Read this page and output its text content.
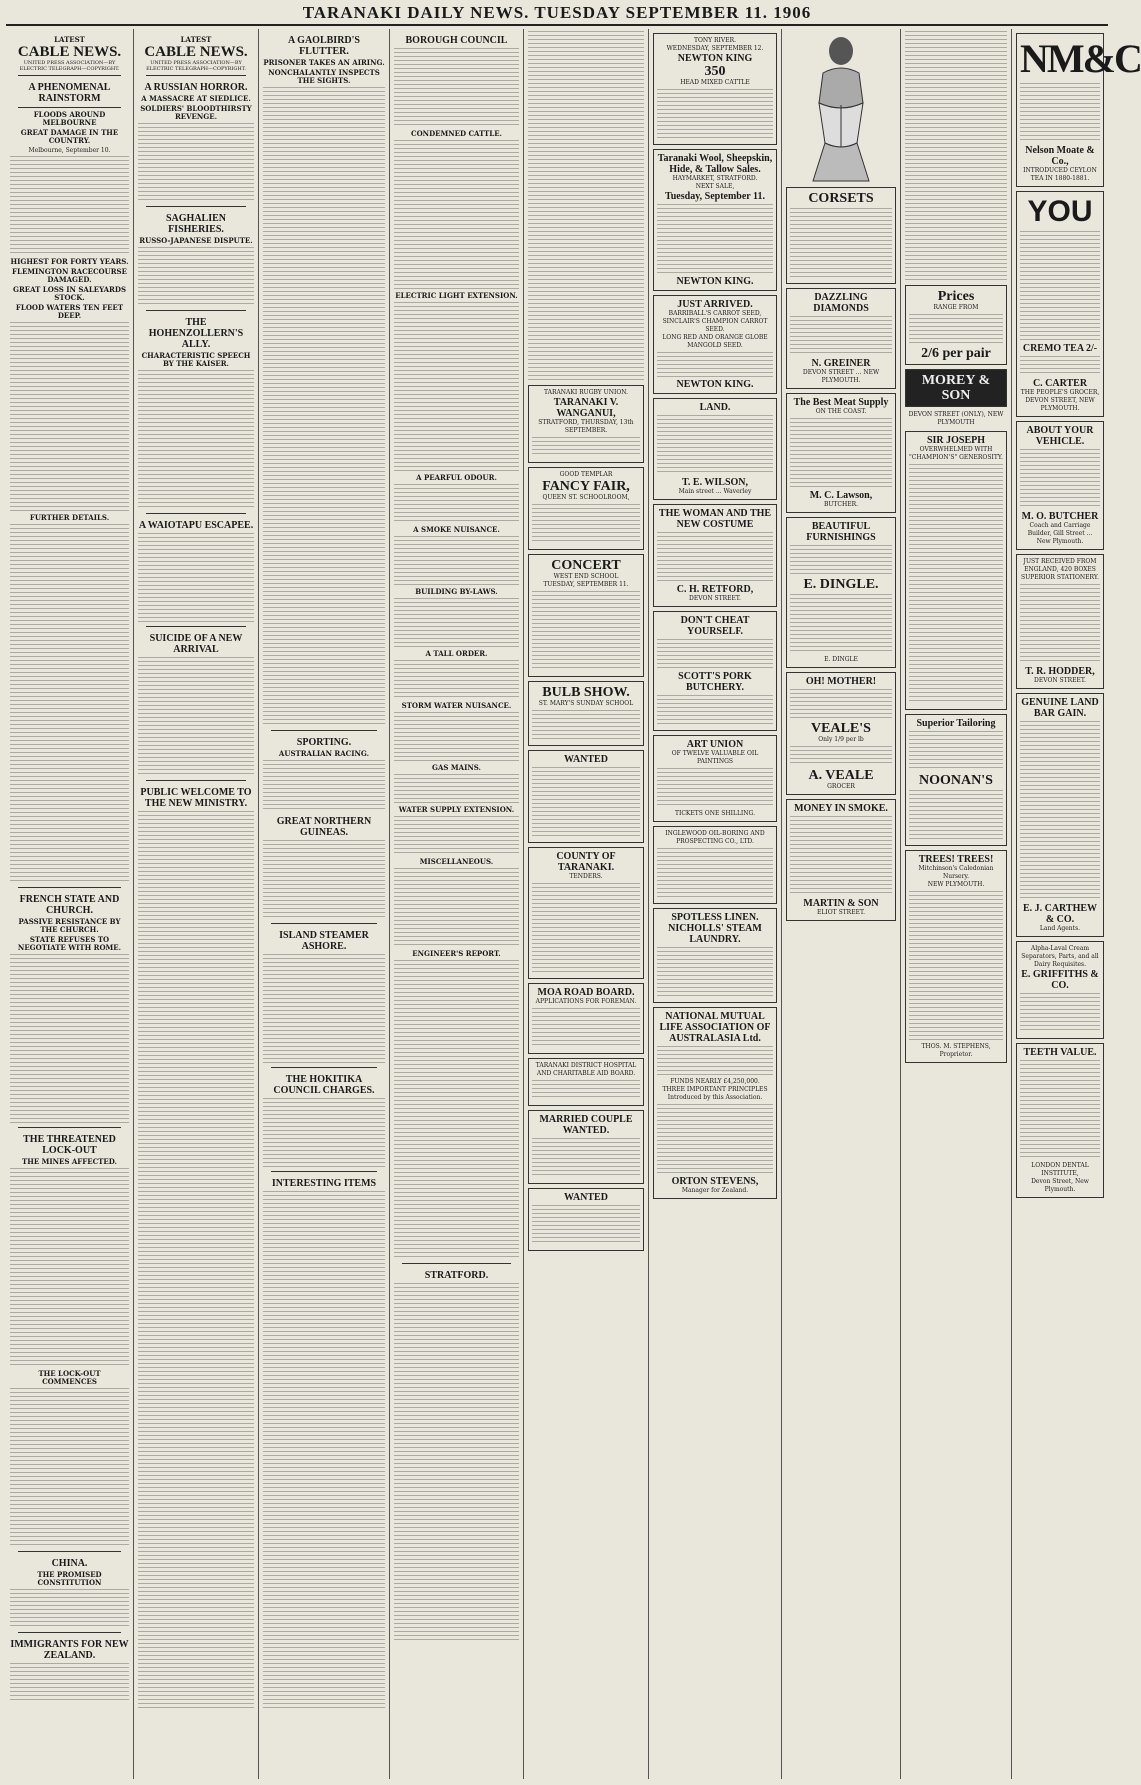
TARANAKI DAILY NEWS. TUESDAY SEPTEMBER 11. 1906
LATEST
CABLE NEWS.
UNITED PRESS ASSOCIATION—BY ELECTRIC TELEGRAPH—COPYRIGHT.
A PHENOMENAL RAINSTORM
FLOODS AROUND MELBOURNE
GREAT DAMAGE IN THE COUNTRY.
Melbourne, September 10.
HIGHEST FOR FORTY YEARS.
FLEMINGTON RACECOURSE DAMAGED.
GREAT LOSS IN SALEYARDS STOCK.
FLOOD WATERS TEN FEET DEEP.
FURTHER DETAILS.
FRENCH STATE AND CHURCH.
PASSIVE RESISTANCE BY THE CHURCH.
STATE REFUSES TO NEGOTIATE WITH ROME.
THE THREATENED LOCK-OUT
THE MINES AFFECTED.
THE LOCK-OUT COMMENCES
CHINA.
THE PROMISED CONSTITUTION
IMMIGRANTS FOR NEW ZEALAND.
LATEST
CABLE NEWS.
UNITED PRESS ASSOCIATION—BY ELECTRIC TELEGRAPH—COPYRIGHT.
A RUSSIAN HORROR.
A MASSACRE AT SIEDLICE.
SOLDIERS' BLOODTHIRSTY REVENGE.
SAGHALIEN FISHERIES.
RUSSO-JAPANESE DISPUTE.
THE HOHENZOLLERN'S ALLY.
CHARACTERISTIC SPEECH BY THE KAISER.
A WAIOTAPU ESCAPEE.
SUICIDE OF A NEW ARRIVAL
PUBLIC WELCOME TO THE NEW MINISTRY.
A GAOLBIRD'S FLUTTER.
PRISONER TAKES AN AIRING.
NONCHALANTLY INSPECTS THE SIGHTS.
SPORTING.
AUSTRALIAN RACING.
GREAT NORTHERN GUINEAS.
ISLAND STEAMER ASHORE.
THE HOKITIKA COUNCIL CHARGES.
INTERESTING ITEMS
BOROUGH COUNCIL
CONDEMNED CATTLE.
ELECTRIC LIGHT EXTENSION.
A PEARFUL ODOUR.
A SMOKE NUISANCE.
BUILDING BY-LAWS.
A TALL ORDER.
STORM WATER NUISANCE.
GAS MAINS.
WATER SUPPLY EXTENSION.
MISCELLANEOUS.
ENGINEER'S REPORT.
STRATFORD.
TARANAKI RUGBY UNION.
TARANAKI V. WANGANUI,
STRATFORD, THURSDAY, 13th SEPTEMBER.
GOOD TEMPLAR
FANCY FAIR,
QUEEN ST. SCHOOLROOM,
CONCERT
WEST END SCHOOL
TUESDAY, SEPTEMBER 11.
BULB SHOW.
ST. MARY'S SUNDAY SCHOOL
WANTED
COUNTY OF TARANAKI.
TENDERS.
MOA ROAD BOARD.
APPLICATIONS FOR FOREMAN.
TARANAKI DISTRICT HOSPITAL AND CHARITABLE AID BOARD.
MARRIED COUPLE WANTED.
WANTED
TONY RIVER.
WEDNESDAY, SEPTEMBER 12.
NEWTON KING
350
HEAD MIXED CATTLE
Taranaki Wool, Sheepskin, Hide, & Tallow Sales.
HAYMARKET, STRATFORD.
NEXT SALE,
Tuesday, September 11.
NEWTON KING.
JUST ARRIVED.
BARRIBALL'S CARROT SEED,
SINCLAIR'S CHAMPION CARROT SEED.
LONG RED AND ORANGE GLOBE MANGOLD SEED.
NEWTON KING.
LAND.
T. E. WILSON,
Main street ... Waverley
THE WOMAN AND THE NEW COSTUME
C. H. RETFORD,
DEVON STREET.
DON'T CHEAT YOURSELF.
SCOTT'S PORK BUTCHERY.
ART UNION
OF TWELVE VALUABLE OIL PAINTINGS
TICKETS ONE SHILLING.
INGLEWOOD OIL-BORING AND PROSPECTING CO., LTD.
SPOTLESS LINEN.
NICHOLLS' STEAM LAUNDRY.
NATIONAL MUTUAL LIFE ASSOCIATION OF AUSTRALASIA Ltd.
FUNDS NEARLY £4,250,000.
THREE IMPORTANT PRINCIPLES
Introduced by this Association.
ORTON STEVENS,
Manager for Zealand.
CORSETS
DAZZLING DIAMONDS
N. GREINER
DEVON STREET ... NEW PLYMOUTH.
The Best Meat Supply
ON THE COAST.
M. C. Lawson,
BUTCHER.
BEAUTIFUL FURNISHINGS
E. DINGLE.
E. DINGLE
OH! MOTHER!
VEALE'S
Only 1/9 per lb
A. VEALE
GROCER
MONEY IN SMOKE.
MARTIN & SON
ELIOT STREET.
Prices
RANGE FROM
2/6 per pair
MOREY & SON
DEVON STREET (ONLY), NEW PLYMOUTH
SIR JOSEPH
OVERWHELMED WITH "CHAMPION'S" GENEROSITY.
Superior Tailoring
NOONAN'S
TREES! TREES!
Mitchinson's Caledonian Nursery.
NEW PLYMOUTH.
THOS. M. STEPHENS,
Proprietor.
NM&C
Nelson Moate & Co.,
INTRODUCED CEYLON TEA IN 1880-1881.
YOU
CREMO TEA 2/-
C. CARTER
THE PEOPLE'S GROCER, DEVON STREET, NEW PLYMOUTH.
ABOUT YOUR VEHICLE.
M. O. BUTCHER
Coach and Carriage Builder, Gill Street ... New Plymouth.
JUST RECEIVED FROM ENGLAND, 420 BOXES SUPERIOR STATIONERY.
T. R. HODDER,
DEVON STREET.
GENUINE LAND BAR GAIN.
E. J. CARTHEW & CO.
Land Agents.
Alpha-Laval Cream Separators, Parts, and all Dairy Requisites.
E. GRIFFITHS & CO.
TEETH VALUE.
LONDON DENTAL INSTITUTE,
Devon Street, New Plymouth.
